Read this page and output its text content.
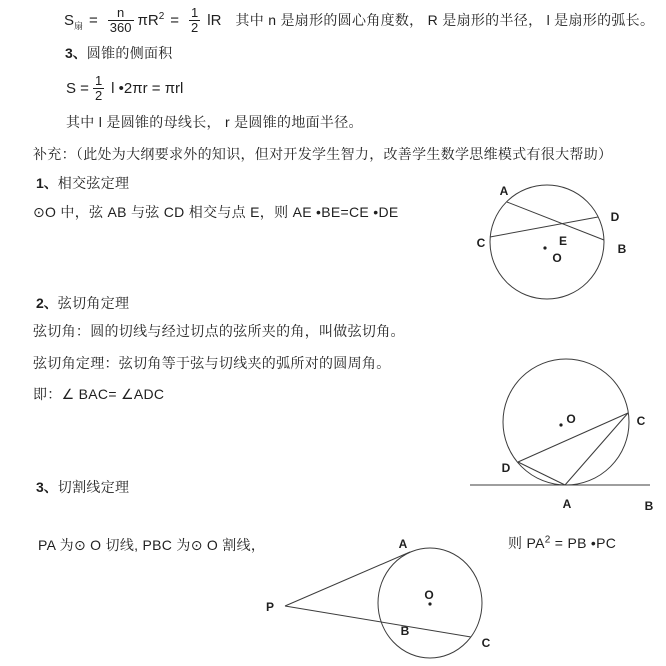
$S_扇 = \frac{n}{360} \pi R^2 = \frac{1}{2}$ lR 其中 n 是扇形的圆心角度数， R 是扇形的半径， l 是扇形的弧长。
3、圆锥的侧面积
$S = \frac{1}{2}$ l •2πr = πrl
其中 l 是圆锥的母线长， r 是圆锥的地面半径。
补充：（此处为大纲要求外的知识，但对开发学生智力，改善学生数学思维模式有很大帮助）
1、相交弦定理
⊙O 中，弦 AB 与弦 CD 相交与点 E，则 AE •BE=CE •DE
A
D
C	B
E
O
2、弦切角定理
弦切角：圆的切线与经过切点的弦所夹的角，叫做弦切角。
弦切角定理：弦切角等于弦与切线夹的弧所对的圆周角。
即：∠ BAC= ∠ADC
O	C
D
A	B
3、切割线定理
PA 为⊙ O 切线, PBC 为⊙ O 割线，	则 $PA^2$ = PB •PC
P
A
B
C
O
